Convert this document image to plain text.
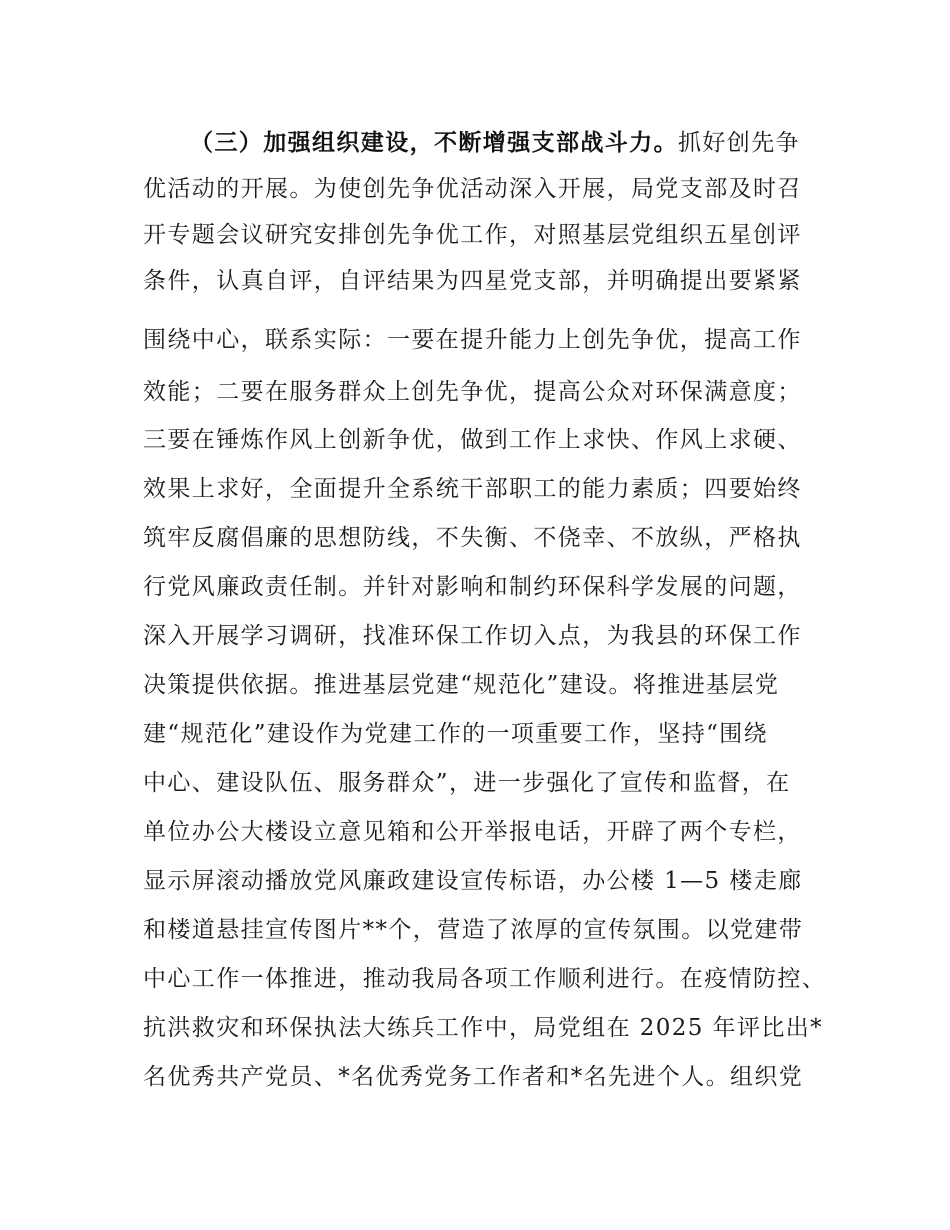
（三）加强组织建设，不断增强支部战斗力。抓好创先争
优活动的开展。为使创先争优活动深入开展，局党支部及时召
开专题会议研究安排创先争优工作，对照基层党组织五星创评
条件，认真自评，自评结果为四星党支部，并明确提出要紧紧
围绕中心，联系实际：一要在提升能力上创先争优，提高工作
效能；二要在服务群众上创先争优，提高公众对环保满意度；
三要在锤炼作风上创新争优，做到工作上求快、作风上求硬、
效果上求好，全面提升全系统干部职工的能力素质；四要始终
筑牢反腐倡廉的思想防线，不失衡、不侥幸、不放纵，严格执
行党风廉政责任制。并针对影响和制约环保科学发展的问题，
深入开展学习调研，找准环保工作切入点，为我县的环保工作
决策提供依据。推进基层党建“规范化”建设。将推进基层党
建“规范化”建设作为党建工作的一项重要工作，坚持“围绕
中心、建设队伍、服务群众”，进一步强化了宣传和监督，在
单位办公大楼设立意见箱和公开举报电话，开辟了两个专栏，
显示屏滚动播放党风廉政建设宣传标语，办公楼 1—5 楼走廊
和楼道悬挂宣传图片**个，营造了浓厚的宣传氛围。以党建带
中心工作一体推进，推动我局各项工作顺利进行。在疫情防控、
抗洪救灾和环保执法大练兵工作中，局党组在 2025 年评比出*
名优秀共产党员、*名优秀党务工作者和*名先进个人。组织党
